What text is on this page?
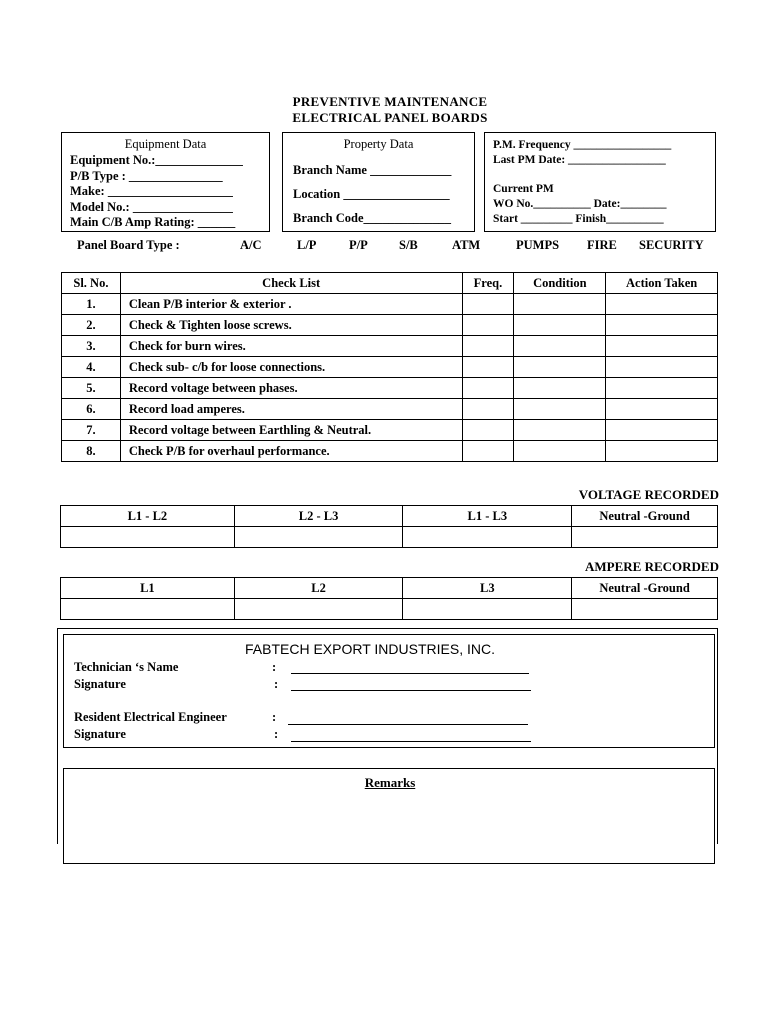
PREVENTIVE MAINTENANCE
ELECTRICAL PANEL BOARDS
Equipment Data
Equipment No.:______________
P/B Type : _______________
Make: ____________________
Model No.: ________________
Main C/B Amp Rating: ______
Property Data
Branch Name _____________
Location _________________
Branch Code______________
P.M. Frequency _________________
Last PM Date: _________________
Current PM
WO No.__________ Date:________
Start _________ Finish__________
Panel Board Type :	A/C	L/P	P/P	S/B	ATM	PUMPS FIRE SECURITY
Sl. No.	Check List	Freq.	Condition	Action Taken
1.	Clean P/B interior & exterior .			
2.	Check & Tighten loose screws.			
3.	Check for burn wires.			
4.	Check sub- c/b for loose connections.			
5.	Record voltage between phases.			
6.	Record load amperes.			
7.	Record voltage between Earthling & Neutral.			
8.	Check P/B for overhaul performance.			
VOLTAGE RECORDED
L1 - L2	L2 - L3	L1 - L3	Neutral -Ground

AMPERE RECORDED
L1	L2	L3	Neutral -Ground

FABTECH EXPORT INDUSTRIES, INC.
Technician ‘s Name	:
Signature	:
Resident Electrical Engineer	:
Signature	:
Remarks
